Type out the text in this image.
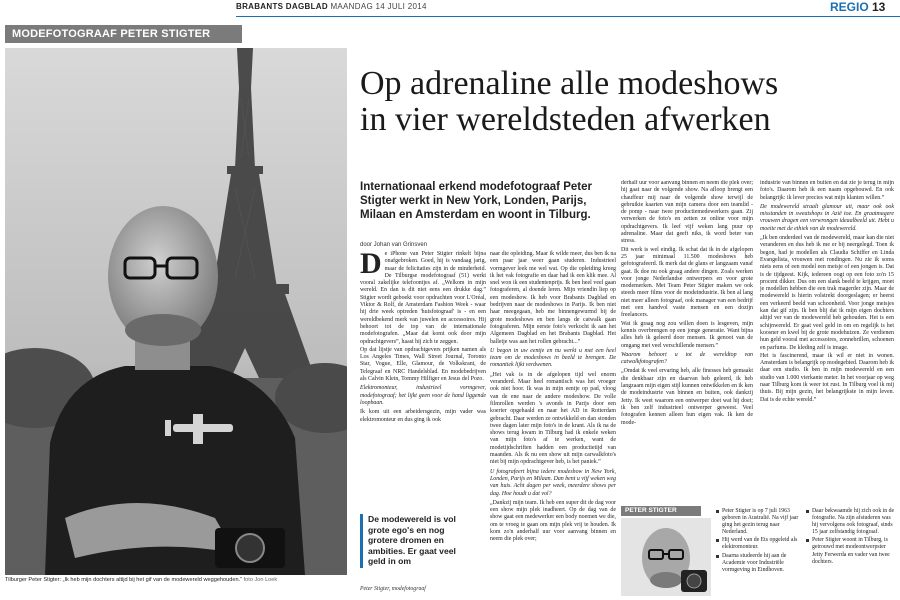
BRABANTS DAGBLAD MAANDAG 14 JULI 2014	REGIO 13
MODEFOTOGRAAF PETER STIGTER
Tilburger Peter Stigter: „Ik heb mijn dochters altijd bij het gif van de modewereld weggehouden.” foto Jon Loek
Op adrenaline alle modeshows
in vier wereldsteden afwerken

Internationaal erkend modefotograaf Peter Stigter werkt in New York, Londen, Parijs, Milaan en Amsterdam en woont in Tilburg.

door Johan van Grinsven

De iPhone van Peter Stigter rinkelt bijna onafgebroken. Goed, hij is vandaag jarig, maar de felicitaties zijn in de minderheid. De Tilburgse modefotograaf (51) werkt vooral zakelijke telefoontjes af. „Welkom in mijn wereld. En dan is dit niet eens een drukke dag.” Stigter wordt geboekt voor opdrachten voor L'Oréal, Viktor & Rolf, de Amsterdam Fashion Week - waar hij drie week optreden 'huisfotograaf' is - en een wereldbekend merk van juwelen en accessoires. Hij behoort tot de top van de internationale modefotografen. „Maar dat komt ook door mijn opdrachtgevers”, haast hij zich te zeggen.

Op dat lijstje van opdrachtgevers prijken namen als Los Angeles Times, Wall Street Journal, Toronto Star, Vogue, Elle, Glamour, de Volkskrant, de Telegraaf en NRC Handelsblad. En modebedrijven als Calvin Klein, Tommy Hilfiger en Jesus del Pozo.

Elektromonteur, industrieel vormgever, modefotograaf; het lijkt geen voor de hand liggende loopbaan.

Ik kom uit een arbeidersgezin, mijn vader was elektromonteur en dus ging ik ook

De modewereld is vol grote ego's en nog grotere dromen en ambities. Er gaat veel geld in om

Peter Stigter, modefotograaf

naar die opleiding. Maar ik wilde meer, dus ben ik na een paar jaar weer gaan studeren. Industrieel vormgever leek me wel wat. Op die opleiding kreeg ik het vak fotografie en daar had ik een klik mee. Al snel won ik een studentenprijs. Ik ben heel veel gaan fotograferen, al doende leren. Mijn vriendin liep op een modeshow. Ik heb voor Brabants Dagblad en bedrijven naar de modeshows in Parijs. Ik ben niet haar meegegaan, heb me binnengewurmd bij de grote modeshows en ben langs de catwalk gaan fotograferen. Mijn eerste foto's verkocht ik aan het Algemeen Dagblad en het Brabants Dagblad. Het balletje was aan het rollen gebracht...”

U begon in uw eentje en nu werkt u met een heel team om de modeshows in beeld te brengen. De romantiek lijkt verdwenen.

„Het vak is in de afgelopen tijd wel enorm veranderd. Maar heel romantisch was het vroeger ook niet hoor. Ik was in mijn eentje op pad, vloog van de ene naar de andere modeshow. De volle filmrollen werden 's avonds in Parijs door een koerier opgehaald en naar het AD in Rotterdam gebracht. Daar werden ze ontwikkeld en dan stonden twee dagen later mijn foto's in de krant. Als ik na de shows terug kwam in Tilburg had ik enkele weken van mijn foto's af te werken, want de modetijdschriften hadden een productietijd van maanden. Als ik nu een show uit mijn carwalkfoto's niet bij mijn opdrachtgever heb, is het paniek.”

U fotografeert bijna iedere modeshow in New York, Londen, Parijs en Milaan. Dan bent u vijf weken weg van huis. Acht dagen per week, meerdere shows per dag. Hoe houdt u dat vol?

„Dankzij mijn team. Ik heb een super dit de dag voor een show mijn plek inadheert. Op de dag van de show gaat een medewerker een body noemen we die, om te vroeg te gaan om mijn plek vrij te houden. Ik kom zo'n anderhalf uur voor aanvang binnen en neem die plek over;

derhalf uur voor aanvang binnen en neem die plek over; hij gaat naar de volgende show. Na afloop brengt een chauffeur mij naar de volgende show terwijl de gebruikte kaarten van mijn camera door een teamlid - de pomp - naar twee productiemedewerkers gaan. Zij verwerken de foto's en zetten ze online voor mijn opdrachtgevers. Ik leef vijf weken lang puur op adrenaline. Maar dat geeft niks, ik word beter van stress.

Dit werk is wel eindig. Ik schat dat ik in de afgelopen 25 jaar minimaal 11.500 modeshows heb gefotografeerd. Ik merk dat de glans er langzaam vanaf gaat. Ik doe nu ook graag andere dingen. Zoals werken voor jonge Nederlandse ontwerpers en voor grote modemerken. Met Team Peter Stigter maken we ook steeds meer films voor de modeindustrie. Ik ben al lang niet meer alleen fotograaf, ook manager van een bedrijf met een handvol vaste mensen en een dozijn freelancers.

Wat ik graag nog zou willen doen is lesgeven, mijn kennis overbrengen op een jonge generatie. Want bijna alles heb ik geleerd door mensen. Ik genoot van de omgang met veel verschillende mensen.”

Waarom behoort u tot de wereldtop van catwalkfotografen?

„Omdat ik veel ervaring heb, alle finesses heb gemaakt die denkbaar zijn en daarvan heb geleerd, ik heb langzaam mijn eigen stijl kunnen ontwikkelen en ik ken de modeindustrie van binnen en buiten, ook dankzij Jetty. Ik weet waarom een ontwerper doet wat hij doet; ik ben zelf industrieel ontwerper geweest. Veel fotografen kennen alleen hun eigen vak. Ik ken de mode-

industrie van binnen en buiten en dat zie je terug in mijn foto's. Daarom heb ik een naam opgebouwd. En ook belangrijk: ik lever precies wat mijn klanten willen.”

De modewereld straalt glamour uit, maar ook ook misstanden in sweatshops in Azië toe. En graatmagere vrouwen dragen een verwrongen ideaalbeeld uit. Hebt u moeite met de ethiek van de modewereld.

„Ik ben onderdeel van de modewereld, maar kan die niet veranderen en dus heb ik me er bij neergelegd. Toen ik begon, had je modellen als Claudia Schiffer en Linda Evangelista, vrouwen met rondingen. Nu zie ik soms niets eens of een model een meisje of een jongen is. Dat is de tijdgeest. Kijk, iedereen oogt op een foto zo'n 15 procent dikker. Dus om een slank beeld te krijgen, moet je modellen hebben die een trak magerder zijn. Maar de modewereld is hierin volstrekt doorgeslagen; er heerst een verkeerd beeld van schoonheid. Voor jonge meisjes kan dat gif zijn. Ik ben blij dat ik mijn eigen dochters altijd ver van de modewereld heb gehouden. Het is een schijnwereld. Er gaat veel geld in om en regelijk is het koosner en kwel bij de grote modehuizen. Ze verdienen hun geld vooral met accessoires, zonnebrillen, schoenen en parfums. De kleding zelf is image.

Het is fascinerend, maar ik wil er niet in wonen. Amsterdam is belangrijk op modegebied. Daarom heb ik daar een studio. Ik ben in mijn modewereld en een studio van 1.000 vierkante meter. In het voorjaar op weg naar Tilburg kom ik weer tot rust. In Tilburg voel ik mij thuis. Bij mijn gezin, het belangrijkste in mijn leven. Dat is de echte wereld.”

PETER STIGTER	Peter Stigter is op 7 juli 1963 geboren in Australië. Na vijf jaar ging het gezin terug naar Nederland.
Hij werd van de Ets opgeleid als elektromonteur.
Daarna studeerde hij aan de Academie voor Industriële vormgeving in Eindhoven.
Daar bekwaamde hij zich ook in de fotografie. Na zijn afstuderen was hij vervolgens ook fotograaf, sinds 15 jaar zelfstandig fotograaf.
Peter Stigter woont in Tilburg, is getrouwd met modeontwerpster Jetty Ferwerda en vader van twee dochters.
